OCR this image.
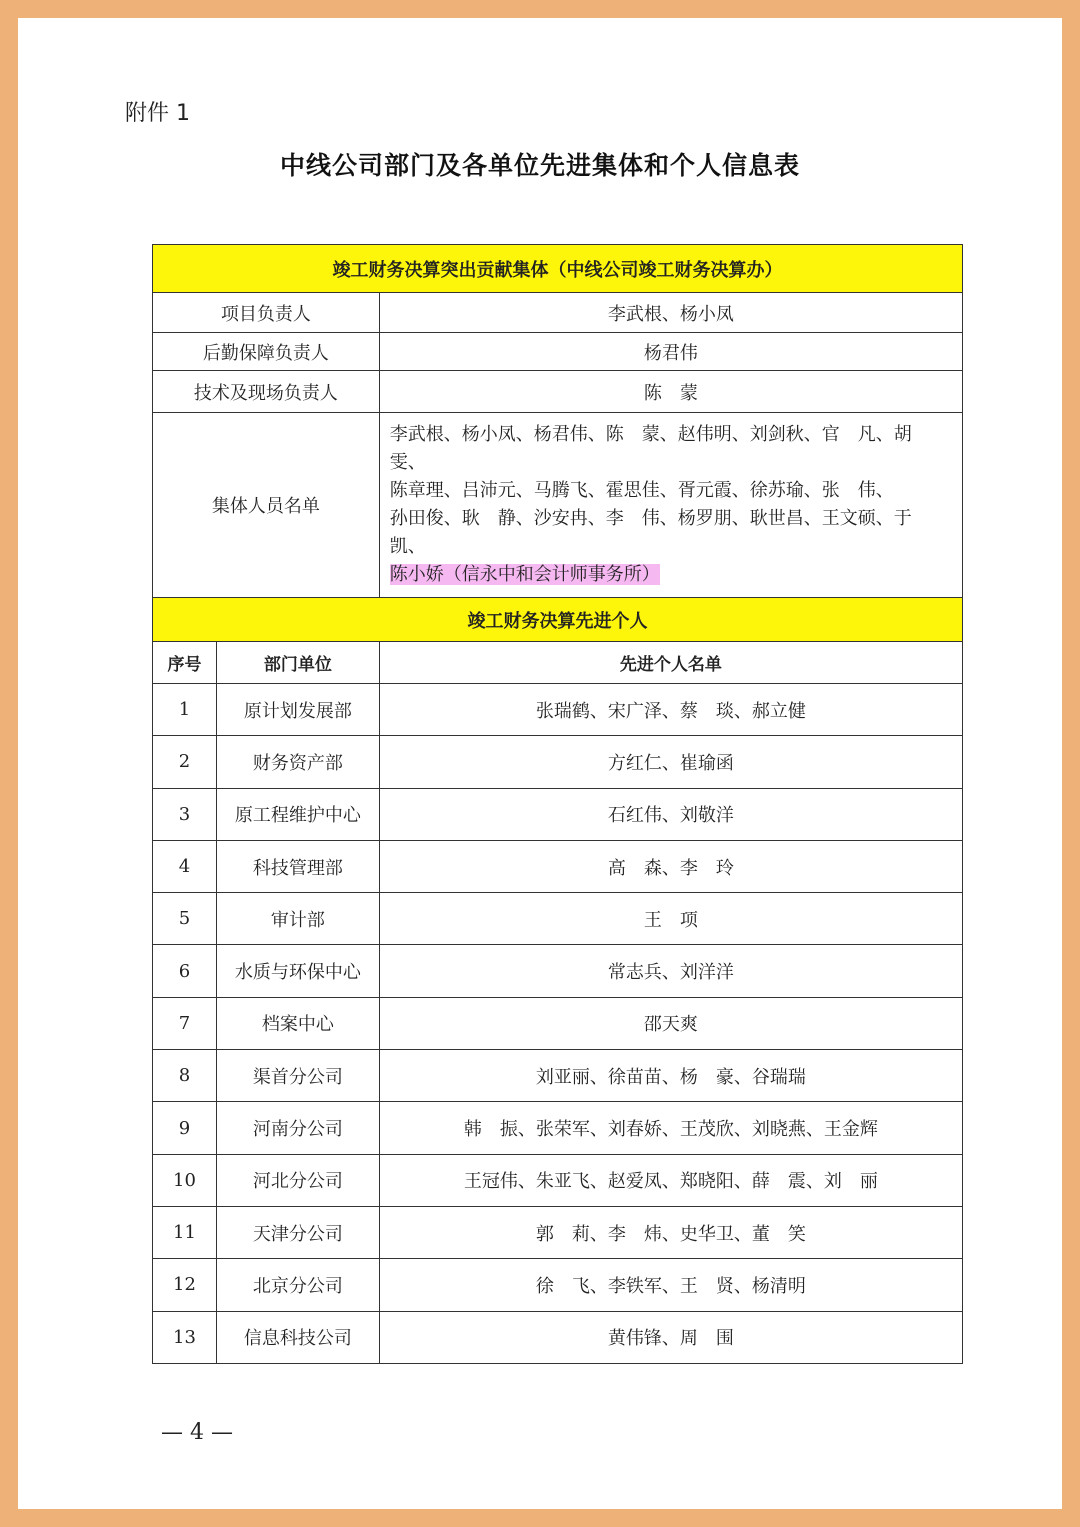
附件 1
中线公司部门及各单位先进集体和个人信息表
竣工财务决算突出贡献集体（中线公司竣工财务决算办）		
项目负责人		李武根、杨小凤
后勤保障负责人		杨君伟
技术及现场负责人		陈　蒙
集体人员名单		李武根、杨小凤、杨君伟、陈　蒙、赵伟明、刘剑秋、官　凡、胡　雯、
陈章理、吕沛元、马腾飞、霍思佳、胥元霞、徐苏瑜、张　伟、
孙田俊、耿　静、沙安冉、李　伟、杨罗朋、耿世昌、王文硕、于　凯、
陈小娇（信永中和会计师事务所）

竣工财务决算先进个人		
序号	部门单位	先进个人名单
1	原计划发展部	张瑞鹤、宋广泽、蔡　琰、郝立健
2	财务资产部	方红仁、崔瑜函
3	原工程维护中心	石红伟、刘敬洋
4	科技管理部	高　森、李　玲
5	审计部	王　项
6	水质与环保中心	常志兵、刘洋洋
7	档案中心	邵天爽
8	渠首分公司	刘亚丽、徐苗苗、杨　豪、谷瑞瑞
9	河南分公司	韩　振、张荣军、刘春娇、王茂欣、刘晓燕、王金辉
10	河北分公司	王冠伟、朱亚飞、赵爱凤、郑晓阳、薛　震、刘　丽
11	天津分公司	郭　莉、李　炜、史华卫、董　笑
12	北京分公司	徐　飞、李铁军、王　贤、杨清明
13	信息科技公司	黄伟锋、周　围
— 4 —
